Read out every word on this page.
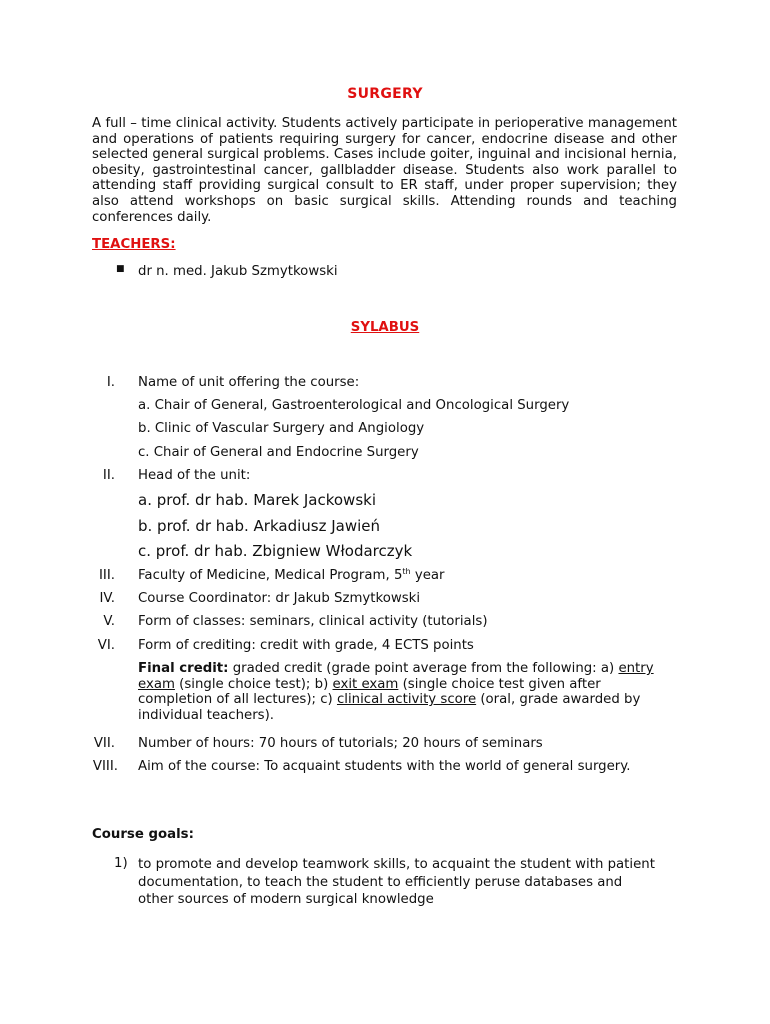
SURGERY
A full – time clinical activity. Students actively participate in perioperative management and operations of patients requiring surgery for cancer, endocrine disease and other selected general surgical problems. Cases include goiter, inguinal and incisional hernia, obesity, gastrointestinal cancer, gallbladder disease. Students also work parallel to attending staff providing surgical consult to ER staff, under proper supervision; they also attend workshops on basic surgical skills. Attending rounds and teaching conferences daily.
TEACHERS:
■ dr n. med. Jakub Szmytkowski
SYLABUS
I. Name of unit offering the course:
a. Chair of General, Gastroenterological and Oncological Surgery
b. Clinic of Vascular Surgery and Angiology
c. Chair of General and Endocrine Surgery
II. Head of the unit:
a. prof. dr hab. Marek Jackowski
b. prof. dr hab. Arkadiusz Jawień
c. prof. dr hab. Zbigniew Włodarczyk
III. Faculty of Medicine, Medical Program, 5th year
IV. Course Coordinator: dr Jakub Szmytkowski
V. Form of classes: seminars, clinical activity (tutorials)
VI. Form of crediting: credit with grade, 4 ECTS points
Final credit: graded credit (grade point average from the following: a) entry exam (single choice test); b) exit exam (single choice test given after completion of all lectures); c) clinical activity score (oral, grade awarded by individual teachers).
VII. Number of hours: 70 hours of tutorials; 20 hours of seminars
VIII. Aim of the course: To acquaint students with the world of general surgery.
Course goals:
1) to promote and develop teamwork skills, to acquaint the student with patient documentation, to teach the student to efficiently peruse databases and other sources of modern surgical knowledge
